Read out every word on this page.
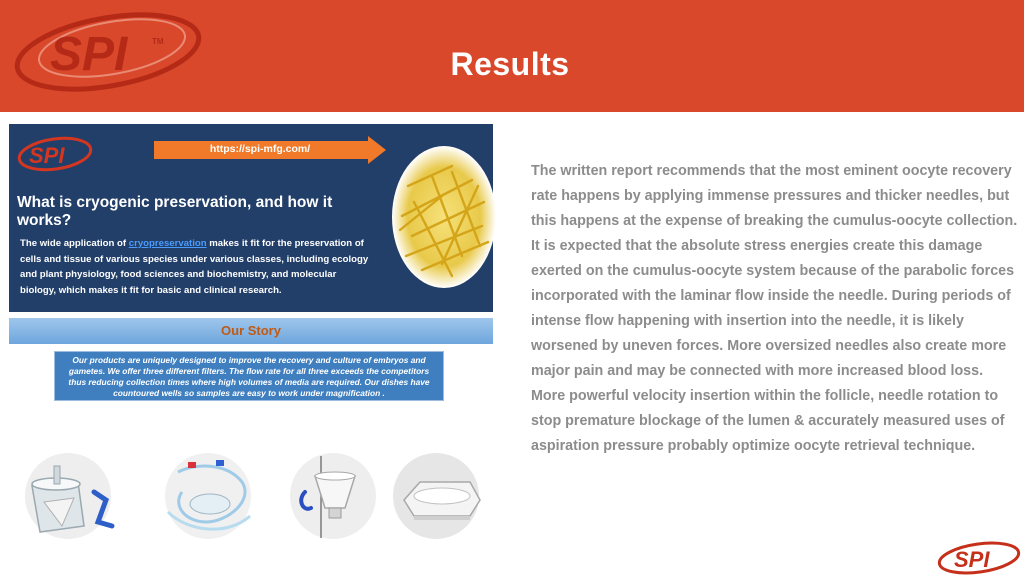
SPI	TM
Results
SPI	https://spi-mfg.com/
What is cryogenic preservation, and how it works?
The wide application of cryopreservation makes it fit for the preservation of cells and tissue of various species under various classes, including ecology and plant physiology, food sciences and biochemistry, and molecular biology, which makes it fit for basic and clinical research.
Our Story
Our products are uniquely designed to improve the recovery and culture of embryos and gametes. We offer three different filters. The flow rate for all three exceeds the competitors thus reducing collection times where high volumes of media are required. Our dishes have countoured wells so samples are easy to work under magnification .
The written report recommends that the most eminent oocyte recovery rate happens by applying immense pressures and thicker needles, but this happens at the expense of breaking the cumulus-oocyte collection. It is expected that the absolute stress energies create this damage exerted on the cumulus-oocyte system because of the parabolic forces incorporated with the laminar flow inside the needle. During periods of intense flow happening with insertion into the needle, it is likely worsened by uneven forces. More oversized needles also create more major pain and may be connected with more increased blood loss. More powerful velocity insertion within the follicle, needle rotation to stop premature blockage of the lumen & accurately measured uses of aspiration pressure probably optimize oocyte retrieval technique.
SPI
